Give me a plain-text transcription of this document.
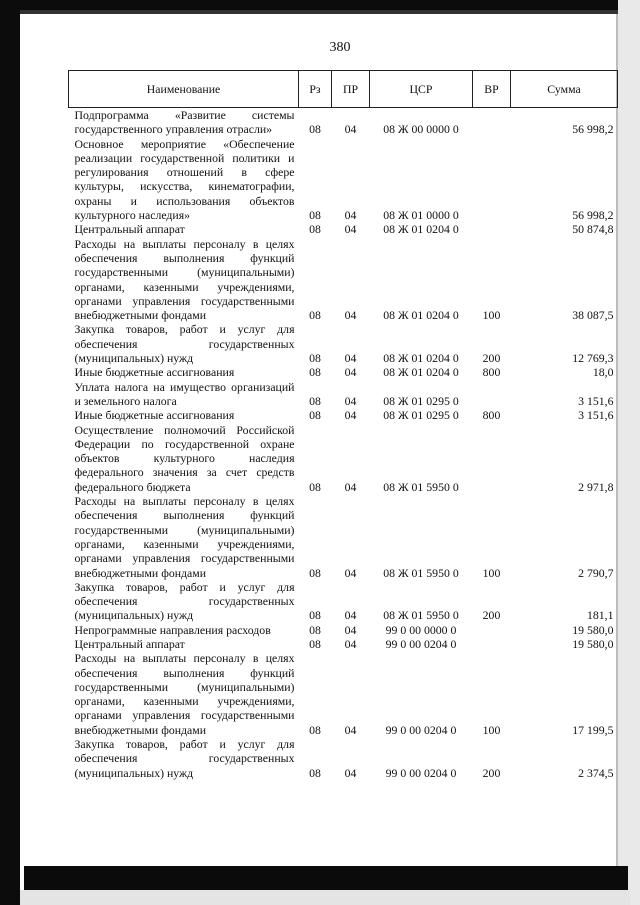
380
Наименование	Рз	ПР	ЦСР	ВР	Сумма
Подпрограмма «Развитие системы государственного управления отрасли»	08	04	08 Ж 00 0000 0		56 998,2
Основное мероприятие «Обеспечение реализации государственной политики и регулирования отношений в сфере культуры, искусства, кинематографии, охраны и использования объектов культурного наследия»	08	04	08 Ж 01 0000 0		56 998,2
Центральный аппарат	08	04	08 Ж 01 0204 0		50 874,8
Расходы на выплаты персоналу в целях обеспечения выполнения функций государственными (муниципальными) органами, казенными учреждениями, органами управления государственными внебюджетными фондами	08	04	08 Ж 01 0204 0	100	38 087,5
Закупка товаров, работ и услуг для обеспечения государственных (муниципальных) нужд	08	04	08 Ж 01 0204 0	200	12 769,3
Иные бюджетные ассигнования	08	04	08 Ж 01 0204 0	800	18,0
Уплата налога на имущество организаций и земельного налога	08	04	08 Ж 01 0295 0		3 151,6
Иные бюджетные ассигнования	08	04	08 Ж 01 0295 0	800	3 151,6
Осуществление полномочий Российской Федерации по государственной охране объектов культурного наследия федерального значения за счет средств федерального бюджета	08	04	08 Ж 01 5950 0		2 971,8
Расходы на выплаты персоналу в целях обеспечения выполнения функций государственными (муниципальными) органами, казенными учреждениями, органами управления государственными внебюджетными фондами	08	04	08 Ж 01 5950 0	100	2 790,7
Закупка товаров, работ и услуг для обеспечения государственных (муниципальных) нужд	08	04	08 Ж 01 5950 0	200	181,1
Непрограммные направления расходов	08	04	99 0 00 0000 0		19 580,0
Центральный аппарат	08	04	99 0 00 0204 0		19 580,0
Расходы на выплаты персоналу в целях обеспечения выполнения функций государственными (муниципальными) органами, казенными учреждениями, органами управления государственными внебюджетными фондами	08	04	99 0 00 0204 0	100	17 199,5
Закупка товаров, работ и услуг для обеспечения государственных (муниципальных) нужд	08	04	99 0 00 0204 0	200	2 374,5
